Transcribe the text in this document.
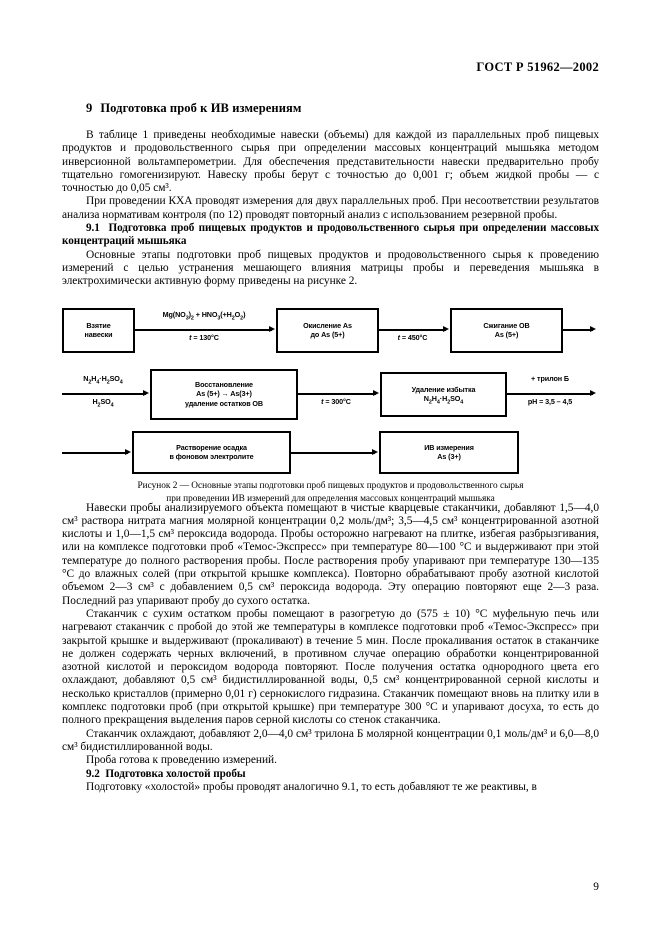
ГОСТ Р 51962—2002
9 Подготовка проб к ИВ измерениям

В таблице 1 приведены необходимые навески (объемы) для каждой из параллельных проб пищевых продуктов и продовольственного сырья при определении массовых концентраций мышьяка методом инверсионной вольтамперометрии. Для обеспечения представительности навески предварительно пробу тщательно гомогенизируют. Навеску пробы берут с точностью до 0,001 г; объем жидкой пробы — с точностью до 0,05 см³.

При проведении КХА проводят измерения для двух параллельных проб. При несоответствии результатов анализа нормативам контроля (по 12) проводят повторный анализ с использованием резервной пробы.

9.1 Подготовка проб пищевых продуктов и продовольственного сырья при определении массовых концентраций мышьяка

Основные этапы подготовки проб пищевых продуктов и продовольственного сырья к проведению измерений с целью устранения мешающего влияния матрицы пробы и переведения мышьяка в электрохимически активную форму приведены на рисунке 2.

Взятие
навески
$Mg(NO_3)_2 + HNO_3(+H_2O_2)$
t = 130°C
Окисление As
до As (5+)	t = 450°C
Сжигание ОВ
As (5+)
$N_2H_4\cdot H_2SO_4$
$H_2SO_4$
Восстановление
As (5+) → As(3+)
удаление остатков ОВ	t = 300°C
Удаление избытка
$N_2H_4\cdot H_2SO_4$
+ трилон Б
pH = 3,5 – 4,5
Растворение осадка
в фоновом электролите
ИВ измерения
As (3+)
Рисунок 2 — Основные этапы подготовки проб пищевых продуктов и продовольственного сырья
при проведении ИВ измерений для определения массовых концентраций мышьяка

Навески пробы анализируемого объекта помещают в чистые кварцевые стаканчики, добавляют 1,5—4,0 см³ раствора нитрата магния молярной концентрации 0,2 моль/дм³; 3,5—4,5 см³ концентрированной азотной кислоты и 1,0—1,5 см³ пероксида водорода. Пробы осторожно нагревают на плитке, избегая разбрызгивания, или на комплексе подготовки проб «Темос-Экспресс» при температуре 80—100 °С и выдерживают при этой температуре до полного растворения пробы. После растворения пробу упаривают при температуре 130—135 °С до влажных солей (при открытой крышке комплекса). Повторно обрабатывают пробу азотной кислотой объемом 2—3 см³ с добавлением 0,5 см³ пероксида водорода. Эту операцию повторяют еще 2—3 раза. Последний раз упаривают пробу до сухого остатка.

Стаканчик с сухим остатком пробы помещают в разогретую до (575 ± 10) °С муфельную печь или нагревают стаканчик с пробой до этой же температуры в комплексе подготовки проб «Темос-Экспресс» при закрытой крышке и выдерживают (прокаливают) в течение 5 мин. После прокаливания остаток в стаканчике не должен содержать черных включений, в противном случае операцию обработки концентрированной азотной кислотой и пероксидом водорода повторяют. После получения остатка однородного цвета его охлаждают, добавляют 0,5 см³ бидистиллированной воды, 0,5 см³ концентрированной серной кислоты и несколько кристаллов (примерно 0,01 г) сернокислого гидразина. Стаканчик помещают вновь на плитку или в комплекс подготовки проб (при открытой крышке) при температуре 300 °С и упаривают досуха, то есть до полного прекращения выделения паров серной кислоты со стенок стаканчика.

Стаканчик охлаждают, добавляют 2,0—4,0 см³ трилона Б молярной концентрации 0,1 моль/дм³ и 6,0—8,0 см³ бидистиллированной воды.

Проба готова к проведению измерений.

9.2 Подготовка холостой пробы

Подготовку «холостой» пробы проводят аналогично 9.1, то есть добавляют те же реактивы, в

9
